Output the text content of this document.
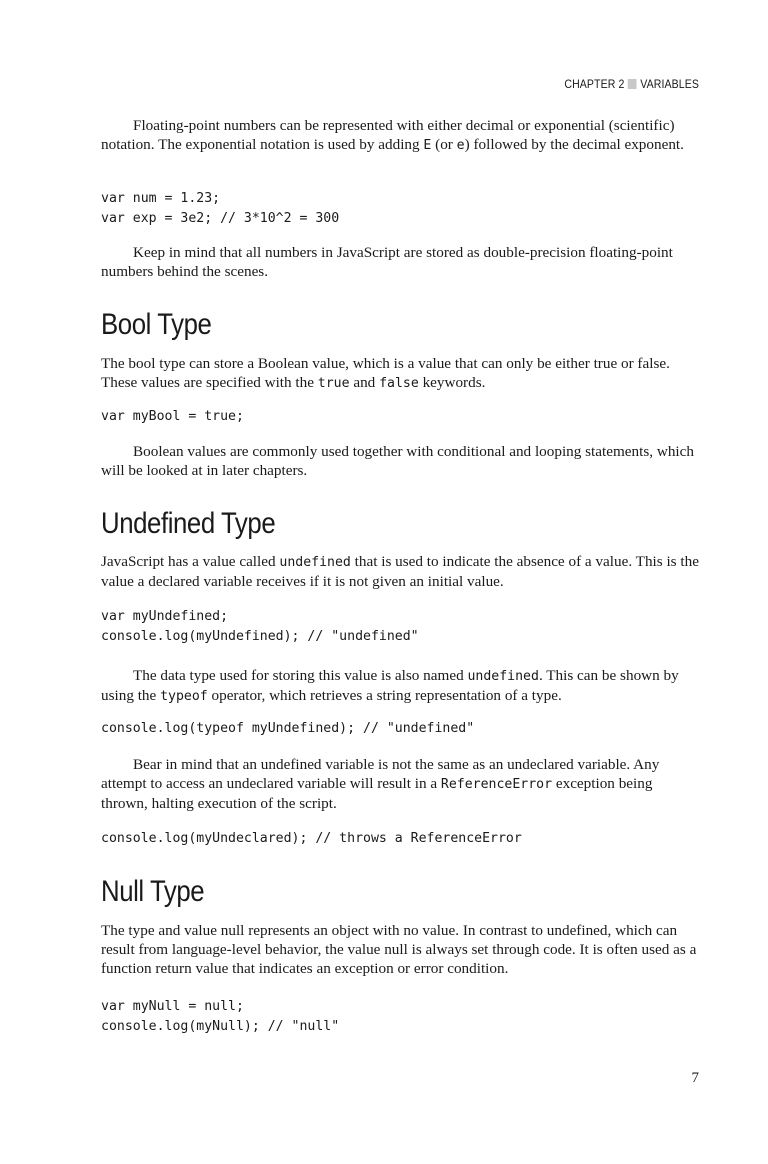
CHAPTER 2 VARIABLES

Floating-point numbers can be represented with either decimal or exponential (scientific) notation. The exponential notation is used by adding E (or e) followed by the decimal exponent.

var num = 1.23;
var exp = 3e2; // 3*10^2 = 300

Keep in mind that all numbers in JavaScript are stored as double-precision floating-point numbers behind the scenes.

Bool Type

The bool type can store a Boolean value, which is a value that can only be either true or false. These values are specified with the true and false keywords.

var myBool = true;

Boolean values are commonly used together with conditional and looping statements, which will be looked at in later chapters.

Undefined Type

JavaScript has a value called undefined that is used to indicate the absence of a value. This is the value a declared variable receives if it is not given an initial value.

var myUndefined;
console.log(myUndefined); // "undefined"

The data type used for storing this value is also named undefined. This can be shown by using the typeof operator, which retrieves a string representation of a type.

console.log(typeof myUndefined); // "undefined"

Bear in mind that an undefined variable is not the same as an undeclared variable. Any attempt to access an undeclared variable will result in a ReferenceError exception being thrown, halting execution of the script.

console.log(myUndeclared); // throws a ReferenceError
Null Type

The type and value null represents an object with no value. In contrast to undefined, which can result from language-level behavior, the value null is always set through code. It is often used as a function return value that indicates an exception or error condition.

var myNull = null;
console.log(myNull); // "null"
7
